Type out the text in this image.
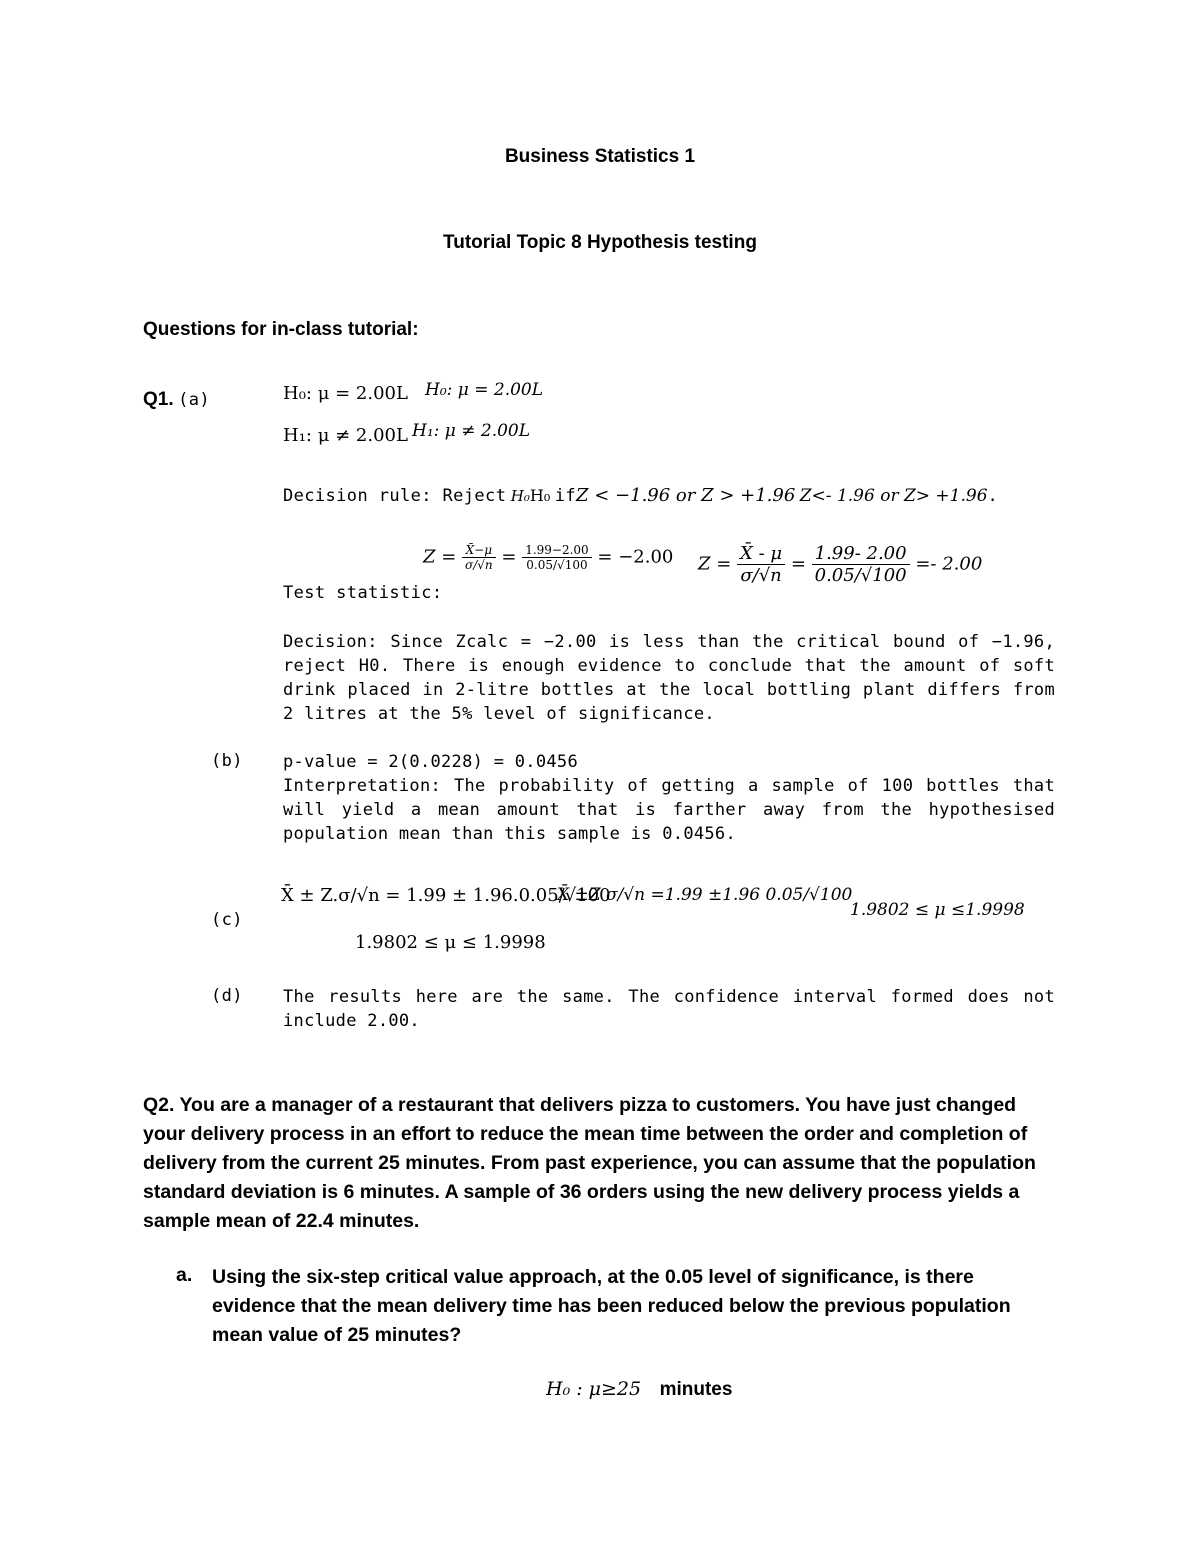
Business Statistics 1
Tutorial Topic 8 Hypothesis testing
Questions for in-class tutorial:
Q1. (a)	H₀: μ = 2.00L H₀: μ = 2.00L
H₁: μ ≠ 2.00L H₁: μ ≠ 2.00L
Decision rule: Reject H₀H₀ ifZ < −1.96 or Z > +1.96 Z<- 1.96 or Z> +1.96.
Test statistic:
$Z = \frac{X̄-\mu}{\sigma/√n} = \frac{1.99-2.00}{0.05/√100} = -2.00$ $Z = \frac{X̄ - \mu}{\sigma/√n} = \frac{1.99- 2.00}{0.05/√100} =- 2.00$
Decision: Since Zcalc = −2.00 is less than the critical bound of −1.96, reject H0. There is enough evidence to conclude that the amount of soft drink placed in 2-litre bottles at the local bottling plant differs from 2 litres at the 5% level of significance.
(b) p-value = 2(0.0228) = 0.0456
Interpretation: The probability of getting a sample of 100 bottles that will yield a mean amount that is farther away from the hypothesised population mean than this sample is 0.0456.
(c)
X̄ ± Z.σ/√n = 1.99 ± 1.96.0.05/√100
1.9802 ≤ μ ≤ 1.9998
X̄ ±Z σ/√n =1.99 ±1.96 0.05/√100
1.9802 ≤ μ ≤1.9998
(d) The results here are the same. The confidence interval formed does not include 2.00.
Q2. You are a manager of a restaurant that delivers pizza to customers. You have just changed your delivery process in an effort to reduce the mean time between the order and completion of delivery from the current 25 minutes. From past experience, you can assume that the population standard deviation is 6 minutes. A sample of 36 orders using the new delivery process yields a sample mean of 22.4 minutes.
a. Using the six-step critical value approach, at the 0.05 level of significance, is there evidence that the mean delivery time has been reduced below the previous population mean value of 25 minutes?
H₀ : μ≥25 minutes
